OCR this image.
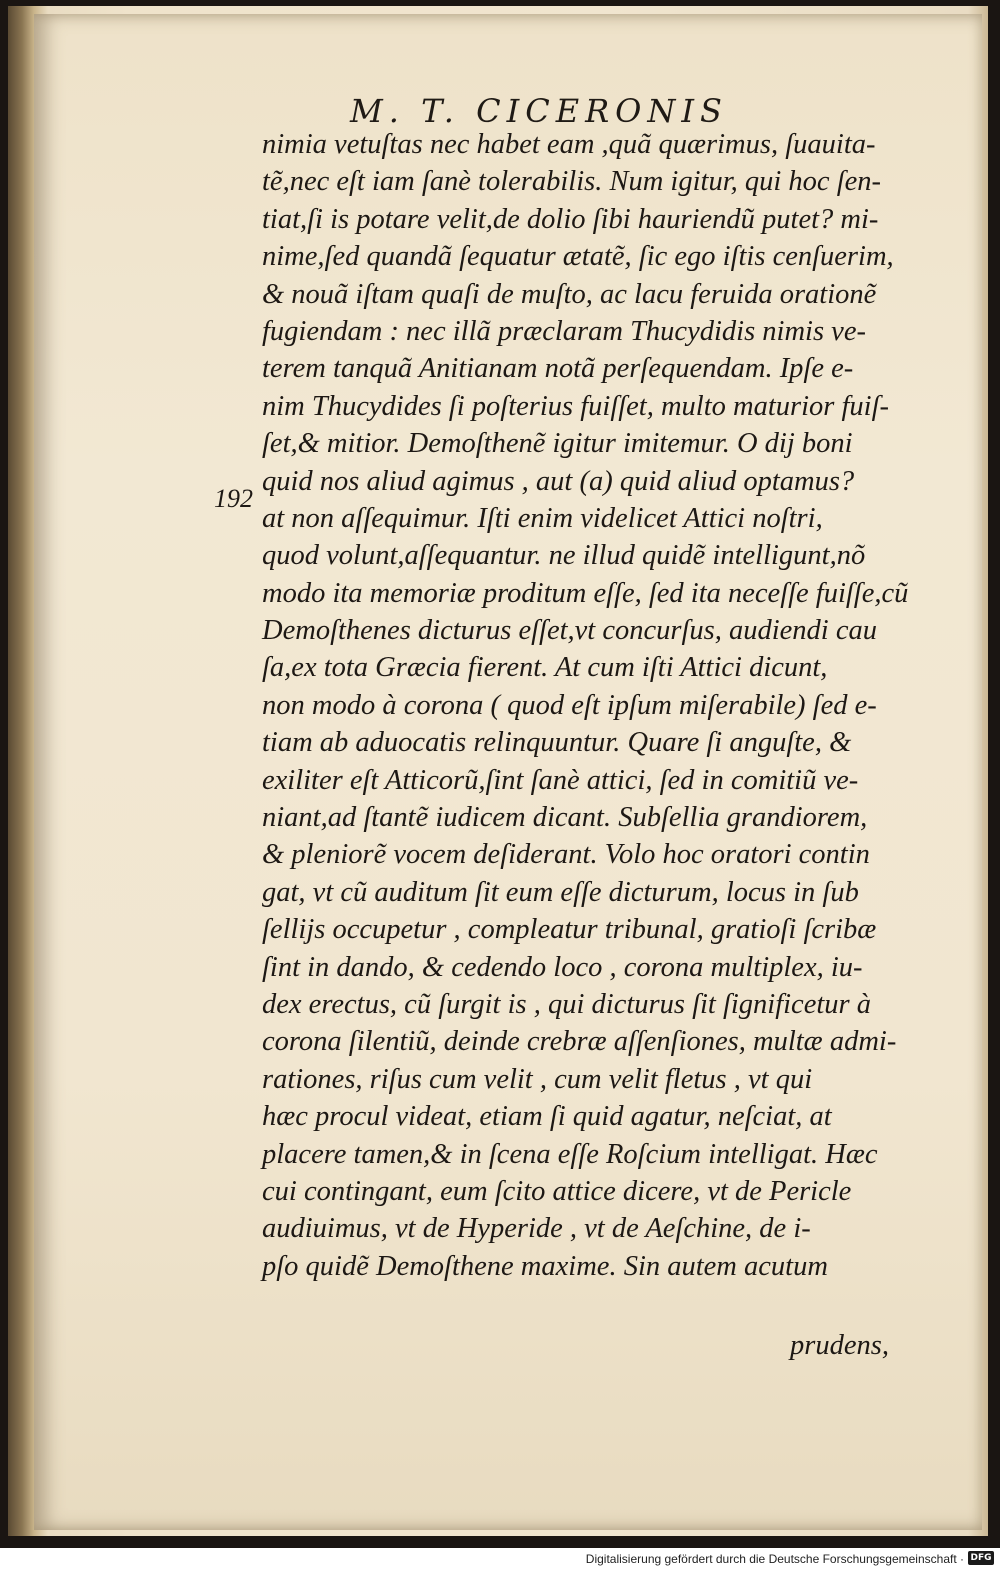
M. T. CICERONIS
192
nimia vetuſtas nec habet eam ,quã quærimus, ſuauita-
tẽ,nec eſt iam ſanè tolerabilis. Num igitur, qui hoc ſen-
tiat,ſi is potare velit,de dolio ſibi hauriendũ putet? mi-
nime,ſed quandã ſequatur ætatẽ, ſic ego iſtis cenſuerim,
& nouã iſtam quaſi de muſto, ac lacu feruida orationẽ
fugiendam : nec illã præclaram Thucydidis nimis ve-
terem tanquã Anitianam notã perſequendam. Ipſe e-
nim Thucydides ſi poſterius fuiſſet, multo maturior fuiſ-
ſet,& mitior. Demoſthenẽ igitur imitemur. O dij boni
quid nos aliud agimus , aut (a) quid aliud optamus?
at non aſſequimur. Iſti enim videlicet Attici noſtri,
quod volunt,aſſequantur. ne illud quidẽ intelligunt,nõ
modo ita memoriæ proditum eſſe, ſed ita neceſſe fuiſſe,cũ
Demoſthenes dicturus eſſet,vt concurſus, audiendi cau
ſa,ex tota Græcia fierent. At cum iſti Attici dicunt,
non modo à corona ( quod eſt ipſum miſerabile) ſed e-
tiam ab aduocatis relinquuntur. Quare ſi anguſte, &
exiliter eſt Atticorũ,ſint ſanè attici, ſed in comitiũ ve-
niant,ad ſtantẽ iudicem dicant. Subſellia grandiorem,
& pleniorẽ vocem deſiderant. Volo hoc oratori contin
gat, vt cũ auditum ſit eum eſſe dicturum, locus in ſub
ſellijs occupetur , compleatur tribunal, gratioſi ſcribæ
ſint in dando, & cedendo loco , corona multiplex, iu-
dex erectus, cũ ſurgit is , qui dicturus ſit ſignificetur à
corona ſilentiũ, deinde crebræ aſſenſiones, multæ admi-
rationes, riſus cum velit , cum velit fletus , vt qui
hæc procul videat, etiam ſi quid agatur, neſciat, at
placere tamen,& in ſcena eſſe Roſcium intelligat. Hæc
cui contingant, eum ſcito attice dicere, vt de Pericle
audiuimus, vt de Hyperide , vt de Aeſchine, de i-
pſo quidẽ Demoſthene maxime. Sin autem acutum
prudens,
Digitalisierung gefördert durch die Deutsche Forschungsgemeinschaft · DFG
